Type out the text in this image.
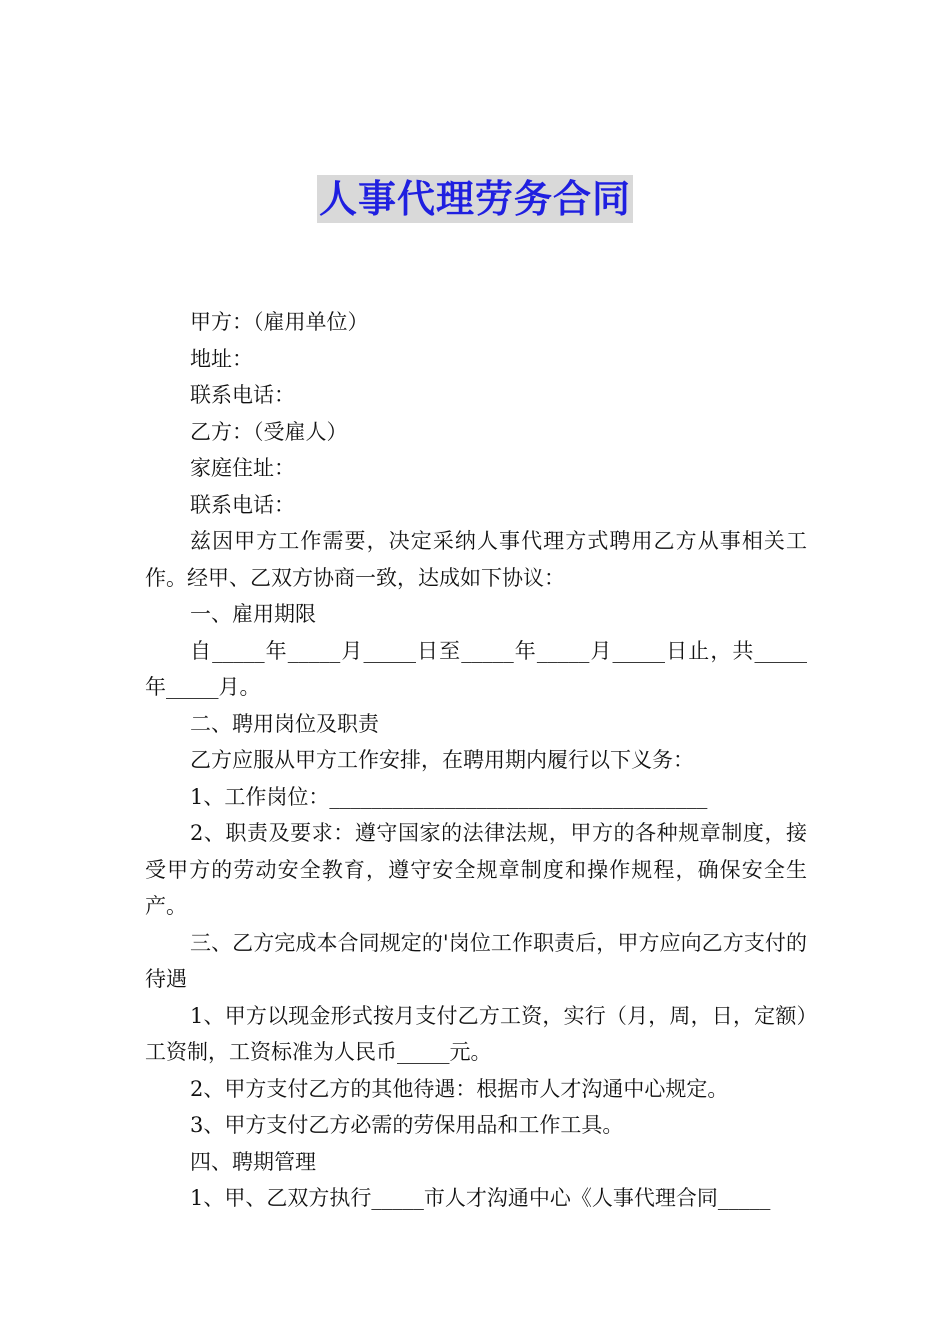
人事代理劳务合同

甲方：（雇用单位）

地址：

联系电话：

乙方：（受雇人）

家庭住址：

联系电话：

兹因甲方工作需要，决定采纳人事代理方式聘用乙方从事相关工作。经甲、乙双方协商一致，达成如下协议：

一、雇用期限

自_____年_____月_____日至_____年_____月_____日止，共_____年_____月。

二、聘用岗位及职责

乙方应服从甲方工作安排，在聘用期内履行以下义务：

1、工作岗位：____________________________________

2、职责及要求：遵守国家的法律法规，甲方的各种规章制度，接受甲方的劳动安全教育，遵守安全规章制度和操作规程，确保安全生产。

三、乙方完成本合同规定的'岗位工作职责后，甲方应向乙方支付的待遇

1、甲方以现金形式按月支付乙方工资，实行（月，周，日，定额）工资制，工资标准为人民币_____元。

2、甲方支付乙方的其他待遇：根据市人才沟通中心规定。

3、甲方支付乙方必需的劳保用品和工作工具。

四、聘期管理

1、甲、乙双方执行_____市人才沟通中心《人事代理合同_____
